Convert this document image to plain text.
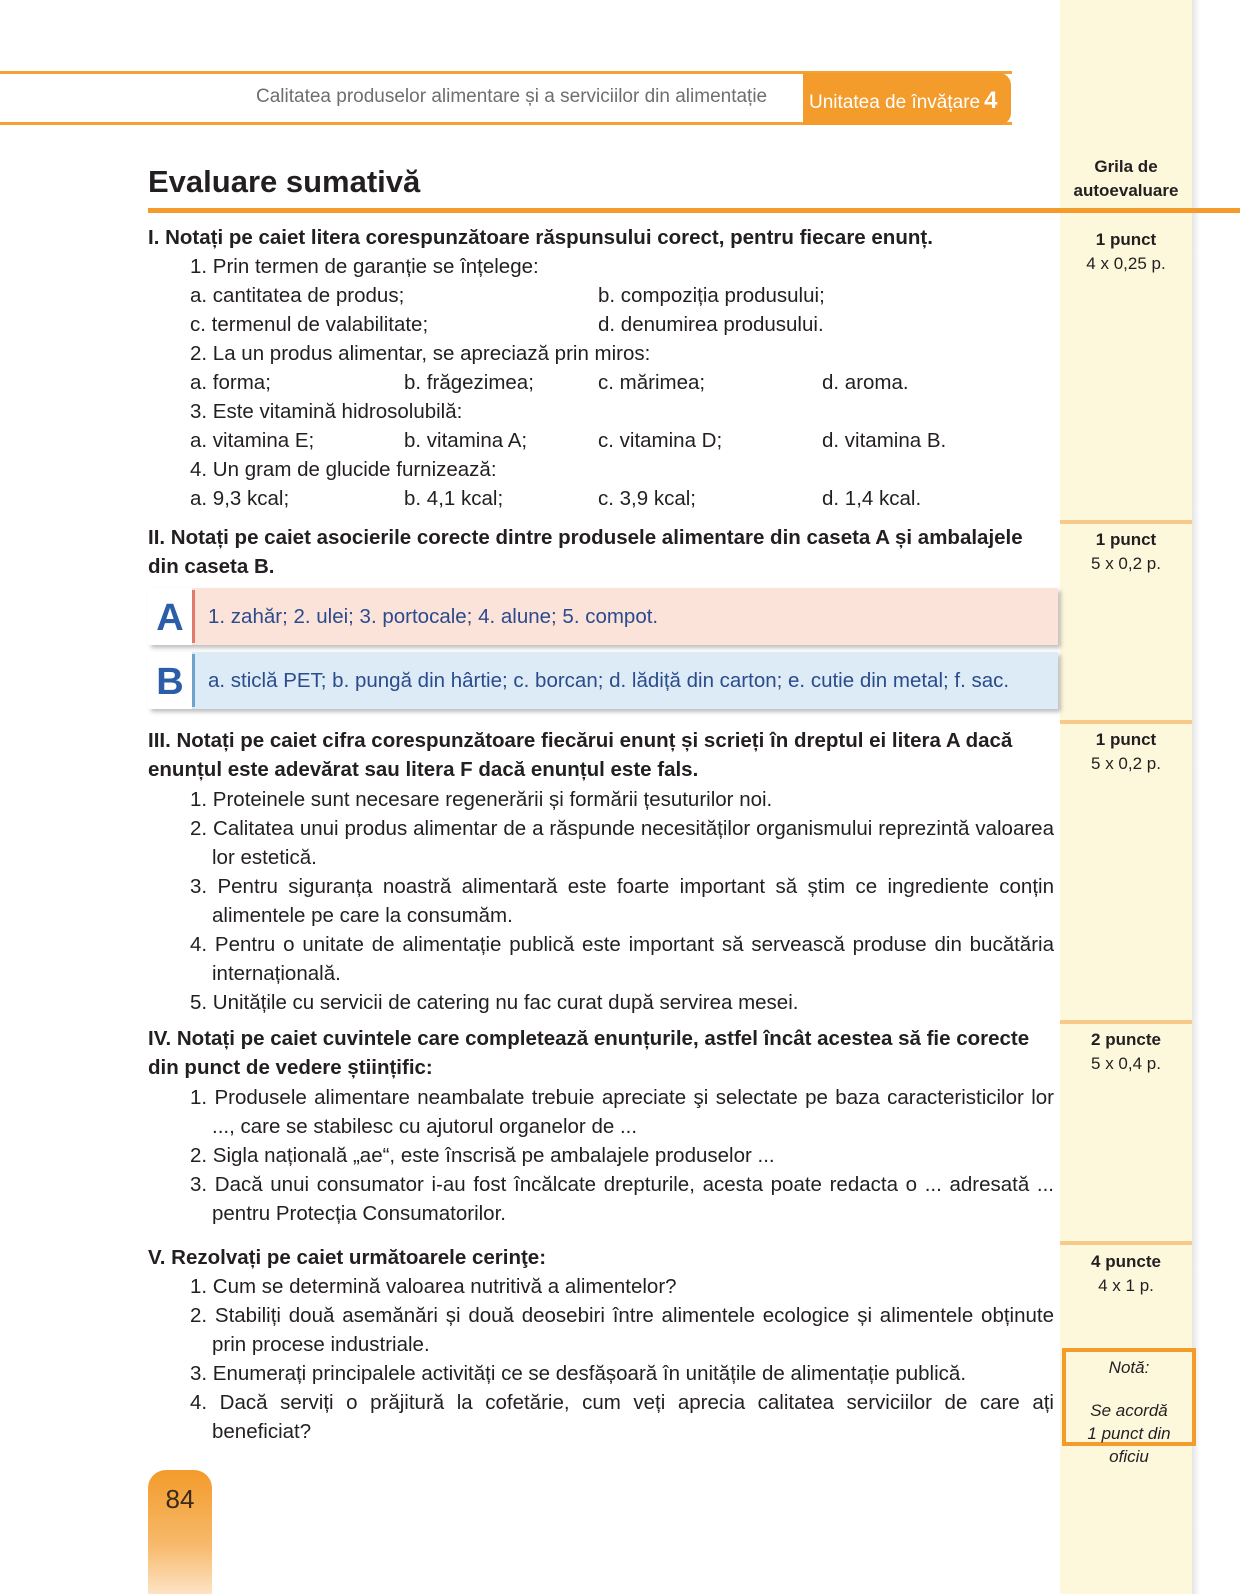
Calitatea produselor alimentare și a serviciilor din alimentație	Unitatea de învățare 4
Evaluare sumativă	Grila de autoevaluare
I. Notați pe caiet litera corespunzătoare răspunsului corect, pentru fiecare enunț.
1. Prin termen de garanție se înțelege:
a. cantitatea de produs;	b. compoziția produsului;
c. termenul de valabilitate;	d. denumirea produsului.
2. La un produs alimentar, se apreciază prin miros:
a. forma;	b. frăgezimea;	c. mărimea;	d. aroma.
3. Este vitamină hidrosolubilă:
a. vitamina E;	b. vitamina A;	c. vitamina D;	d. vitamina B.
4. Un gram de glucide furnizează:
a. 9,3 kcal;	b. 4,1 kcal;	c. 3,9 kcal;	d. 1,4 kcal.
1 punct
4 x 0,25 p.
II. Notați pe caiet asocierile corecte dintre produsele alimentare din caseta A și ambalajele din caseta B.
1 punct
5 x 0,2 p.
A	1. zahăr; 2. ulei; 3. portocale; 4. alune; 5. compot.
B	a. sticlă PET; b. pungă din hârtie; c. borcan; d. lădiță din carton; e. cutie din metal; f. sac.
III. Notați pe caiet cifra corespunzătoare fiecărui enunț și scrieți în dreptul ei litera A dacă enunțul este adevărat sau litera F dacă enunțul este fals.
1. Proteinele sunt necesare regenerării și formării țesuturilor noi.
2. Calitatea unui produs alimentar de a răspunde necesităților organismului reprezintă valoarea lor estetică.
3. Pentru siguranța noastră alimentară este foarte important să știm ce ingrediente conțin alimentele pe care la consumăm.
4. Pentru o unitate de alimentație publică este important să servească produse din bucătăria internațională.
5. Unitățile cu servicii de catering nu fac curat după servirea mesei.
1 punct
5 x 0,2 p.
IV. Notați pe caiet cuvintele care completează enunțurile, astfel încât acestea să fie corecte din punct de vedere științific:
1. Produsele alimentare neambalate trebuie apreciate şi selectate pe baza caracteristicilor lor ..., care se stabilesc cu ajutorul organelor de ...
2. Sigla națională „ae“, este înscrisă pe ambalajele produselor ...
3. Dacă unui consumator i-au fost încălcate drepturile, acesta poate redacta o ... adresată ... pentru Protecția Consumatorilor.
2 puncte
5 x 0,4 p.
V. Rezolvați pe caiet următoarele cerinţe:
1. Cum se determină valoarea nutritivă a alimentelor?
2. Stabiliți două asemănări și două deosebiri între alimentele ecologice și alimentele obținute prin procese industriale.
3. Enumerați principalele activități ce se desfășoară în unitățile de alimentație publică.
4. Dacă serviți o prăjitură la cofetărie, cum veți aprecia calitatea serviciilor de care ați beneficiat?
4 puncte
4 x 1 p.
Notă:
Se acordă
1 punct din oficiu
84
